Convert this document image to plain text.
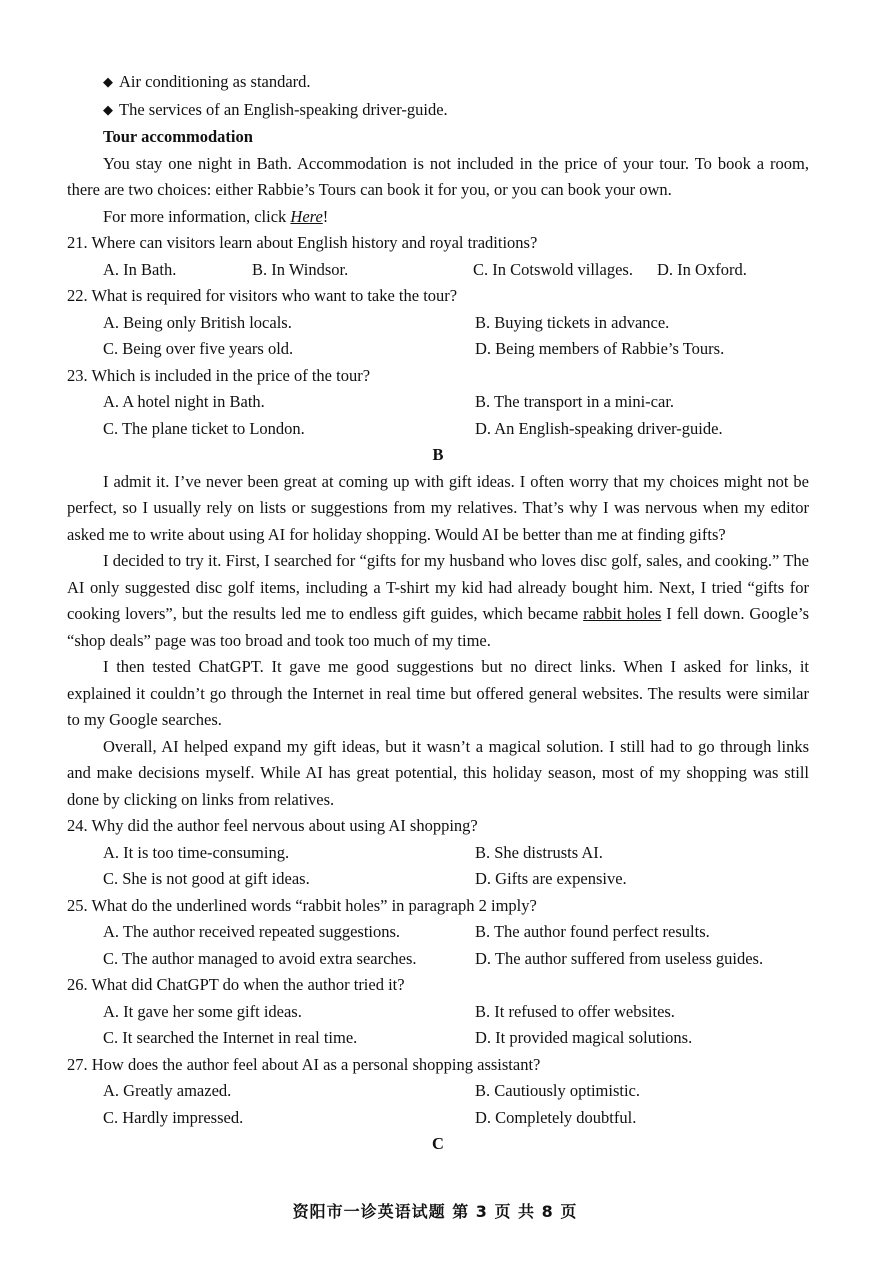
◆ Air conditioning as standard.

◆ The services of an English-speaking driver-guide.

Tour accommodation

You stay one night in Bath. Accommodation is not included in the price of your tour. To book a room, there are two choices: either Rabbie’s Tours can book it for you, or you can book your own.

For more information, click Here!

21. Where can visitors learn about English history and royal traditions?

A. In Bath.	B. In Windsor.	C. In Cotswold villages. D. In Oxford.

22. What is required for visitors who want to take the tour?

A. Being only British locals.	B. Buying tickets in advance.
C. Being over five years old.	D. Being members of Rabbie’s Tours.

23. Which is included in the price of the tour?

A. A hotel night in Bath.	B. The transport in a mini-car.
C. The plane ticket to London.	D. An English-speaking driver-guide.

B

I admit it. I’ve never been great at coming up with gift ideas. I often worry that my choices might not be perfect, so I usually rely on lists or suggestions from my relatives. That’s why I was nervous when my editor asked me to write about using AI for holiday shopping. Would AI be better than me at finding gifts?

I decided to try it. First, I searched for “gifts for my husband who loves disc golf, sales, and cooking.” The AI only suggested disc golf items, including a T-shirt my kid had already bought him. Next, I tried “gifts for cooking lovers”, but the results led me to endless gift guides, which became rabbit holes I fell down. Google’s “shop deals” page was too broad and took too much of my time.

I then tested ChatGPT. It gave me good suggestions but no direct links. When I asked for links, it explained it couldn’t go through the Internet in real time but offered general websites. The results were similar to my Google searches.

Overall, AI helped expand my gift ideas, but it wasn’t a magical solution. I still had to go through links and make decisions myself. While AI has great potential, this holiday season, most of my shopping was still done by clicking on links from relatives.

24. Why did the author feel nervous about using AI shopping?

A. It is too time-consuming.	B. She distrusts AI.
C. She is not good at gift ideas.	D. Gifts are expensive.

25. What do the underlined words “rabbit holes” in paragraph 2 imply?

A. The author received repeated suggestions.	B. The author found perfect results.
C. The author managed to avoid extra searches.	D. The author suffered from useless guides.

26. What did ChatGPT do when the author tried it?

A. It gave her some gift ideas.	B. It refused to offer websites.
C. It searched the Internet in real time.	D. It provided magical solutions.

27. How does the author feel about AI as a personal shopping assistant?

A. Greatly amazed.	B. Cautiously optimistic.
C. Hardly impressed.	D. Completely doubtful.

C

资阳市一诊英语试题 第 3 页 共 8 页
